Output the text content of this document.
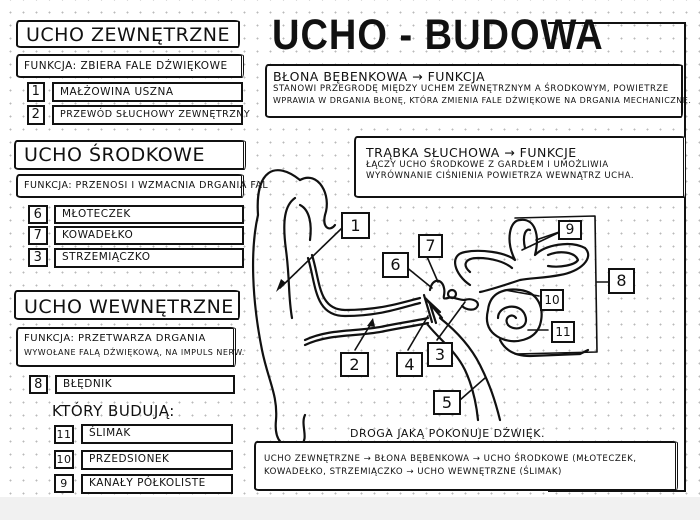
UCHO ZEWNĘTRZNE
FUNKCJA: ZBIERA FALE DŹWIĘKOWE
1	MAŁŻOWINA USZNA
2	PRZEWÓD SŁUCHOWY ZEWNĘTRZNY
UCHO ŚRODKOWE
FUNKCJA: PRZENOSI I WZMACNIA DRGANIA FAL
6	MŁOTECZEK
7	KOWADEŁKO
3	STRZEMIĄCZKO
UCHO WEWNĘTRZNE
FUNKCJA: PRZETWARZA DRGANIA
WYWOŁANE FALĄ DŹWIĘKOWĄ, NA IMPULS NERW.
8	BŁĘDNIK
KTÓRY BUDUJĄ:
11	ŚLIMAK
10	PRZEDSIONEK
9	KANAŁY PÓŁKOLISTE
UCHO - BUDOWA
BŁONA BĘBENKOWA → FUNKCJA
STANOWI PRZEGRODĘ MIĘDZY UCHEM ZEWNĘTRZNYM A ŚRODKOWYM, POWIETRZE
WPRAWIA W DRGANIA BŁONĘ, KTÓRA ZMIENIA FALE DŹWIĘKOWE NA DRGANIA MECHANICZNE.
TRĄBKA SŁUCHOWA → FUNKCJE
ŁĄCZY UCHO ŚRODKOWE Z GARDŁEM I UMOŻLIWIA
WYRÓWNANIE CIŚNIENIA POWIETRZA WEWNĄTRZ UCHA.
1
2
3
4
5
6
7
8
9
10
11
DROGA JAKĄ POKONUJE DŹWIĘK.
UCHO ZEWNĘTRZNE → BŁONA BĘBENKOWA → UCHO ŚRODKOWE (MŁOTECZEK,
KOWADEŁKO, STRZEMIĄCZKO → UCHO WEWNĘTRZNE (ŚLIMAK)
